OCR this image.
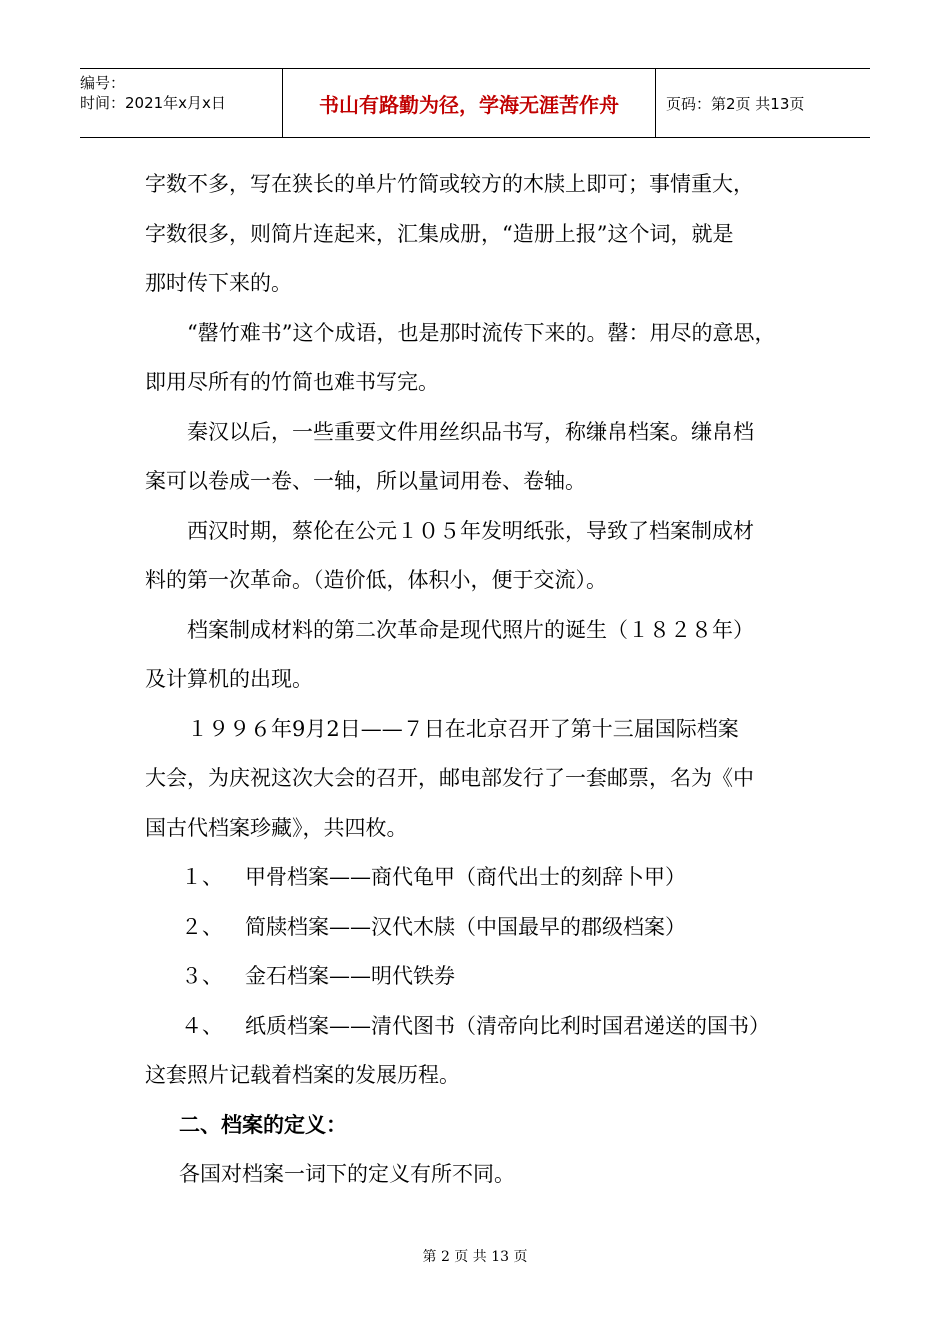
编号：
时间：2021年x月x日	书山有路勤为径，学海无涯苦作舟	页码：第2页 共13页

字数不多，写在狭长的单片竹简或较方的木牍上即可；事情重大，

字数很多，则简片连起来，汇集成册，“造册上报”这个词，就是

那时传下来的。

“罄竹难书”这个成语，也是那时流传下来的。罄：用尽的意思，

即用尽所有的竹简也难书写完。

秦汉以后，一些重要文件用丝织品书写，称缣帛档案。缣帛档

案可以卷成一卷、一轴，所以量词用卷、卷轴。

西汉时期，蔡伦在公元１０５年发明纸张，导致了档案制成材

料的第一次革命。（造价低，体积小，便于交流）。

档案制成材料的第二次革命是现代照片的诞生（１８２８年）

及计算机的出现。

１９９６年9月2日——７日在北京召开了第十三届国际档案

大会，为庆祝这次大会的召开，邮电部发行了一套邮票，名为《中

国古代档案珍藏》，共四枚。

１、 甲骨档案——商代龟甲（商代出士的刻辞卜甲）

２、 简牍档案——汉代木牍（中国最早的郡级档案）

３、 金石档案——明代铁券

４、 纸质档案——清代图书（清帝向比利时国君递送的国书）

这套照片记载着档案的发展历程。

二、档案的定义：

各国对档案一词下的定义有所不同。

第 2 页 共 13 页
